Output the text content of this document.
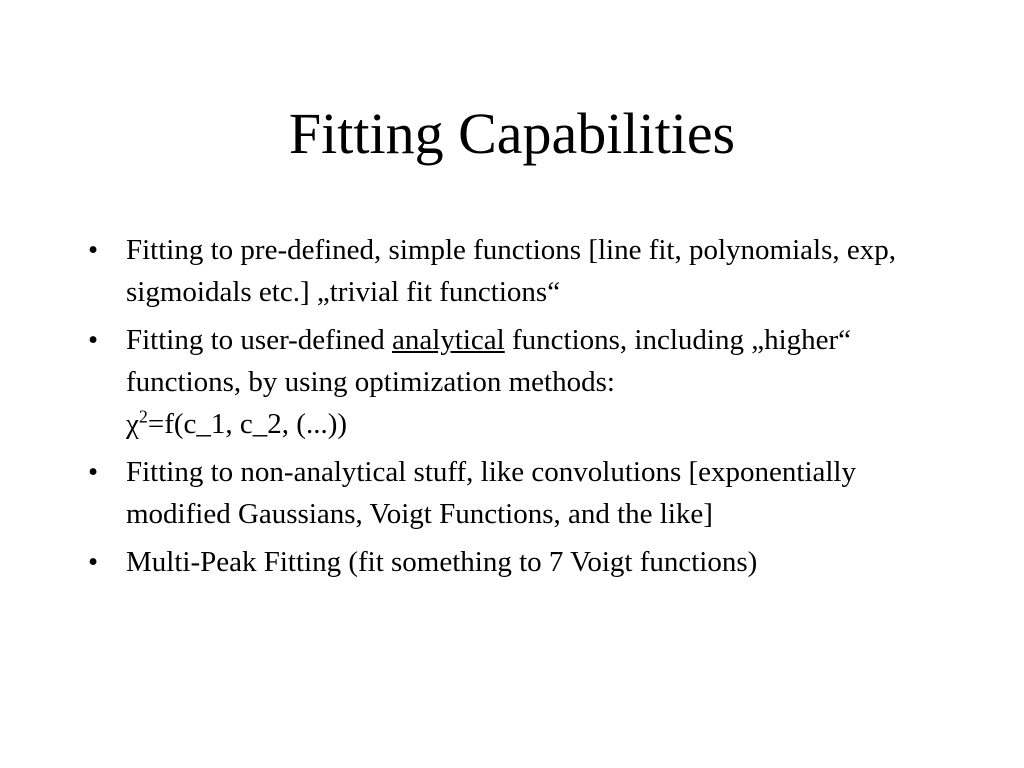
Fitting Capabilities
• Fitting to pre-defined, simple functions [line fit, polynomials, exp, sigmoidals etc.] „trivial fit functions“
• Fitting to user-defined analytical functions, including „higher“ functions, by using optimization methods:
$\chi^2=f(c\_1$, c_2, (...))
• Fitting to non-analytical stuff, like convolutions [exponentially modified Gaussians, Voigt Functions, and the like]
• Multi-Peak Fitting (fit something to 7 Voigt functions)
